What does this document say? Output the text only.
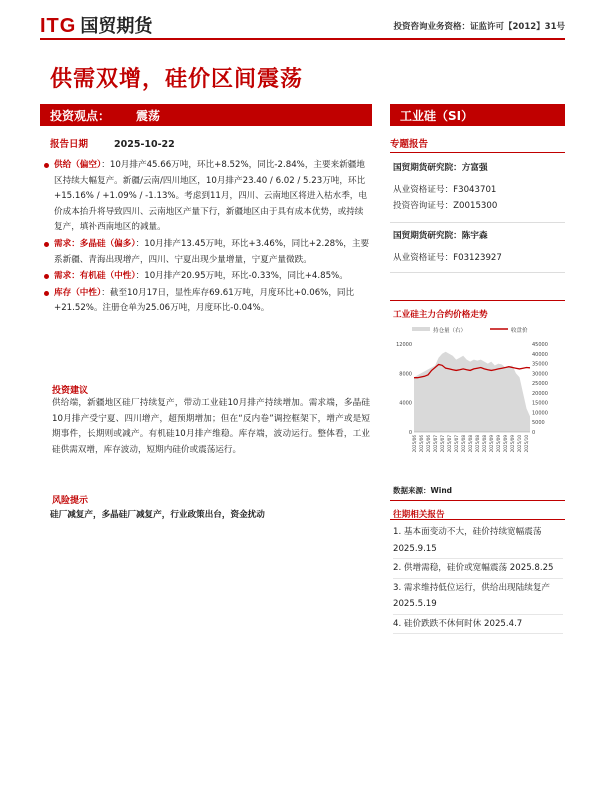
ITG 国贸期货	投资咨询业务资格：证监许可【2012】31号
供需双增，硅价区间震荡
投资观点： 震荡
报告日期	2025-10-22
供给（偏空）：10月排产45.66万吨，环比+8.52%，同比-2.84%，主要来新疆地区持续大幅复产。新疆/云南/四川地区，10月排产23.40 / 6.02 / 5.23万吨，环比+15.16% / +1.09% / -1.13%。考虑到11月，四川、云南地区将进入枯水季，电价成本抬升将导致四川、云南地区产量下行，新疆地区由于具有成本优势，或持续复产，填补西南地区的减量。
需求：多晶硅（偏多）：10月排产13.45万吨，环比+3.46%，同比+2.28%，主要系新疆、青海出现增产，四川、宁夏出现少量增量，宁夏产量微跌。
需求：有机硅（中性）：10月排产20.95万吨，环比-0.33%，同比+4.85%。
库存（中性）：截至10月17日，显性库存69.61万吨，月度环比+0.06%，同比+21.52%。注册仓单为25.06万吨，月度环比-0.04%。
投资建议
供给端，新疆地区硅厂持续复产，带动工业硅10月排产持续增加。需求端，多晶硅10月排产受宁夏、四川增产，超预期增加；但在“反内卷”调控框架下，增产或是短期事件，长期则或减产。有机硅10月排产维稳。库存端，波动运行。整体看，工业硅供需双增，库存波动，短期内硅价或震荡运行。
风险提示
硅厂减复产，多晶硅厂减复产，行业政策出台，资金扰动
工业硅（SI）
专题报告
国贸期货研究院：方富强
从业资格证号：F3043701
投资咨询证号：Z0015300
国贸期货研究院：陈宇森
从业资格证号：F03123927
工业硅主力合约价格走势
持仓量（右）	收盘价
0
4000
8000
12000
0
5000
10000
15000
20000
25000
30000
35000
40000
45000
2025/06 2025/06 2025/06 2025/07 2025/07 2025/07 2025/07 2025/08 2025/08 2025/08 2025/08 2025/09 2025/09 2025/09 2025/09 2025/10 2025/10
数据来源：Wind
往期相关报告
1. 基本面变动不大，硅价持续宽幅震荡 2025.9.15
2. 供增需稳，硅价或宽幅震荡 2025.8.25
3. 需求维持低位运行，供给出现陆续复产 2025.5.19
4. 硅价跌跌不休何时休 2025.4.7
